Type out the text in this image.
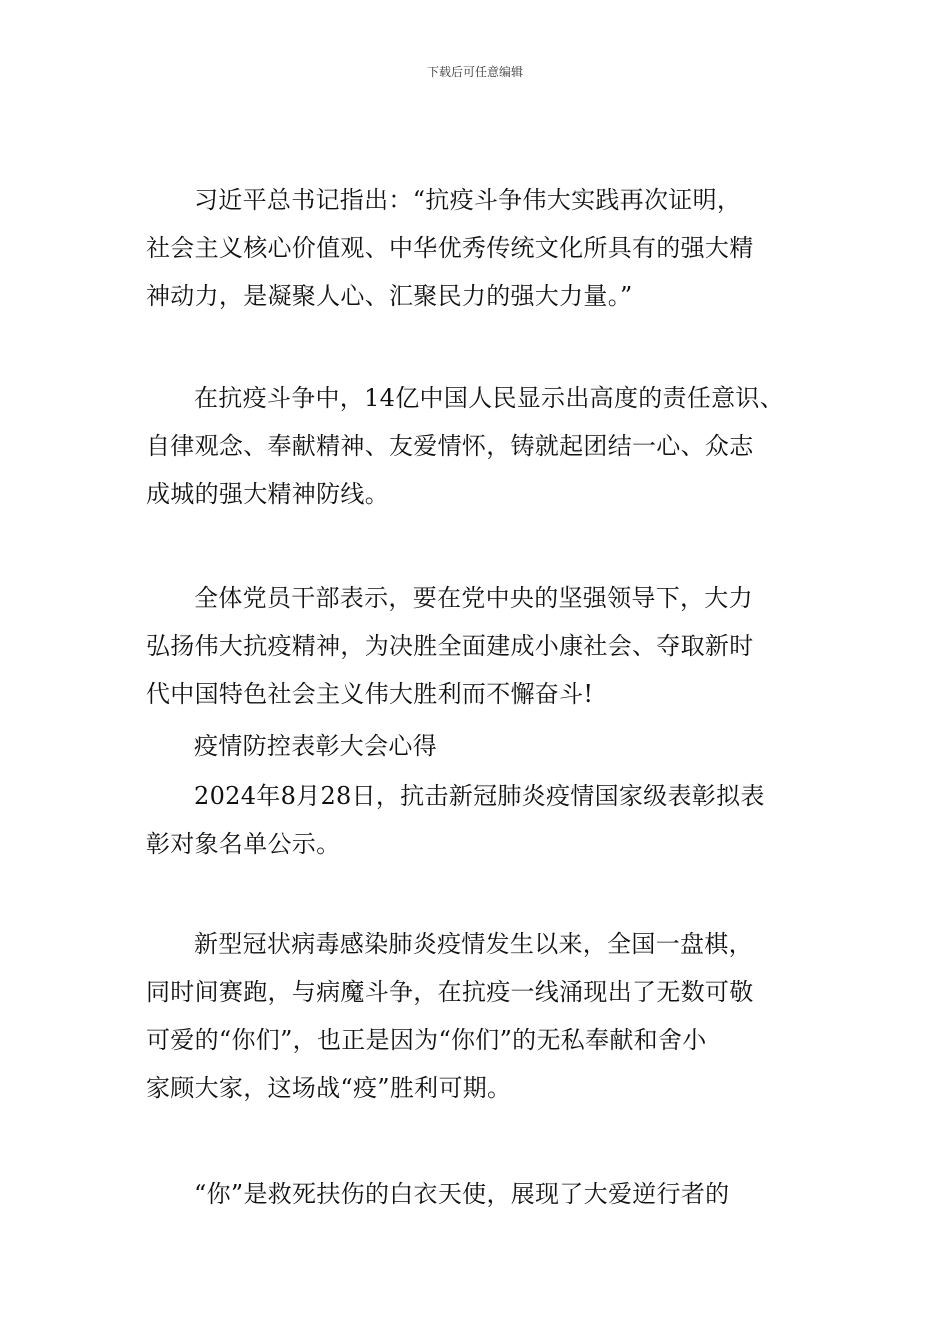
下载后可任意编辑
习近平总书记指出：“抗疫斗争伟大实践再次证明，
社会主义核心价值观、中华优秀传统文化所具有的强大精
神动力，是凝聚人心、汇聚民力的强大力量。”
在抗疫斗争中，14亿中国人民显示出高度的责任意识、
自律观念、奉献精神、友爱情怀，铸就起团结一心、众志
成城的强大精神防线。
全体党员干部表示，要在党中央的坚强领导下，大力
弘扬伟大抗疫精神，为决胜全面建成小康社会、夺取新时
代中国特色社会主义伟大胜利而不懈奋斗!
疫情防控表彰大会心得
2024年8月28日，抗击新冠肺炎疫情国家级表彰拟表
彰对象名单公示。
新型冠状病毒感染肺炎疫情发生以来，全国一盘棋，
同时间赛跑，与病魔斗争，在抗疫一线涌现出了无数可敬
可爱的“你们”，也正是因为“你们”的无私奉献和舍小
家顾大家，这场战“疫”胜利可期。
“你”是救死扶伤的白衣天使，展现了大爱逆行者的
